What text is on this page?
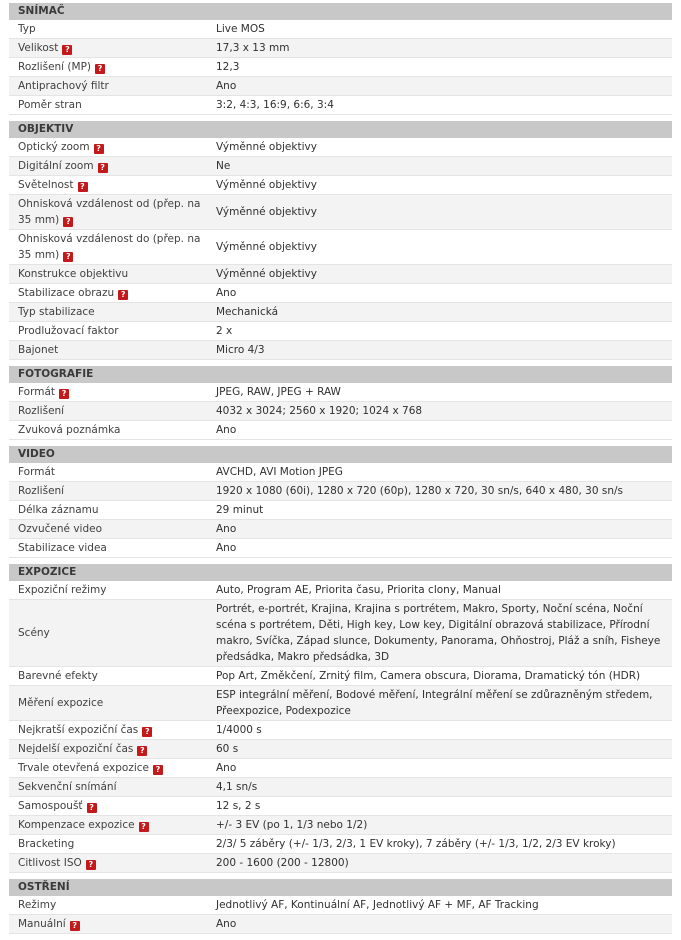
SNÍMAČ
Typ	Live MOS
Velikost ?	17,3 x 13 mm
Rozlišení (MP) ?	12,3
Antiprachový filtr	Ano
Poměr stran	3:2, 4:3, 16:9, 6:6, 3:4
OBJEKTIV
Optický zoom ?	Výměnné objektivy
Digitální zoom ?	Ne
Světelnost ?	Výměnné objektivy
Ohnisková vzdálenost od (přep. na 35 mm) ?	Výměnné objektivy
Ohnisková vzdálenost do (přep. na 35 mm) ?	Výměnné objektivy
Konstrukce objektivu	Výměnné objektivy
Stabilizace obrazu ?	Ano
Typ stabilizace	Mechanická
Prodlužovací faktor	2 x
Bajonet	Micro 4/3
FOTOGRAFIE
Formát ?	JPEG, RAW, JPEG + RAW
Rozlišení	4032 x 3024; 2560 x 1920; 1024 x 768
Zvuková poznámka	Ano
VIDEO
Formát	AVCHD, AVI Motion JPEG
Rozlišení	1920 x 1080 (60i), 1280 x 720 (60p), 1280 x 720, 30 sn/s, 640 x 480, 30 sn/s
Délka záznamu	29 minut
Ozvučené video	Ano
Stabilizace videa	Ano
EXPOZICE
Expoziční režimy	Auto, Program AE, Priorita času, Priorita clony, Manual
Scény	Portrét, e-portrét, Krajina, Krajina s portrétem, Makro, Sporty, Noční scéna, Noční scéna s portrétem, Děti, High key, Low key, Digitální obrazová stabilizace, Přírodní makro, Svíčka, Západ slunce, Dokumenty, Panorama, Ohňostroj, Pláž a sníh, Fisheye předsádka, Makro předsádka, 3D
Barevné efekty	Pop Art, Změkčení, Zrnitý film, Camera obscura, Diorama, Dramatický tón (HDR)
Měření expozice	ESP integrální měření, Bodové měření, Integrální měření se zdůrazněným středem, Přeexpozice, Podexpozice
Nejkratší expoziční čas ?	1/4000 s
Nejdelší expoziční čas ?	60 s
Trvale otevřená expozice ?	Ano
Sekvenční snímání	4,1 sn/s
Samospoušť ?	12 s, 2 s
Kompenzace expozice ?	+/- 3 EV (po 1, 1/3 nebo 1/2)
Bracketing	2/3/ 5 záběry (+/- 1/3, 2/3, 1 EV kroky), 7 záběry (+/- 1/3, 1/2, 2/3 EV kroky)
Citlivost ISO ?	200 - 1600 (200 - 12800)
OSTŘENÍ
Režimy	Jednotlivý AF, Kontinuální AF, Jednotlivý AF + MF, AF Tracking
Manuální ?	Ano
